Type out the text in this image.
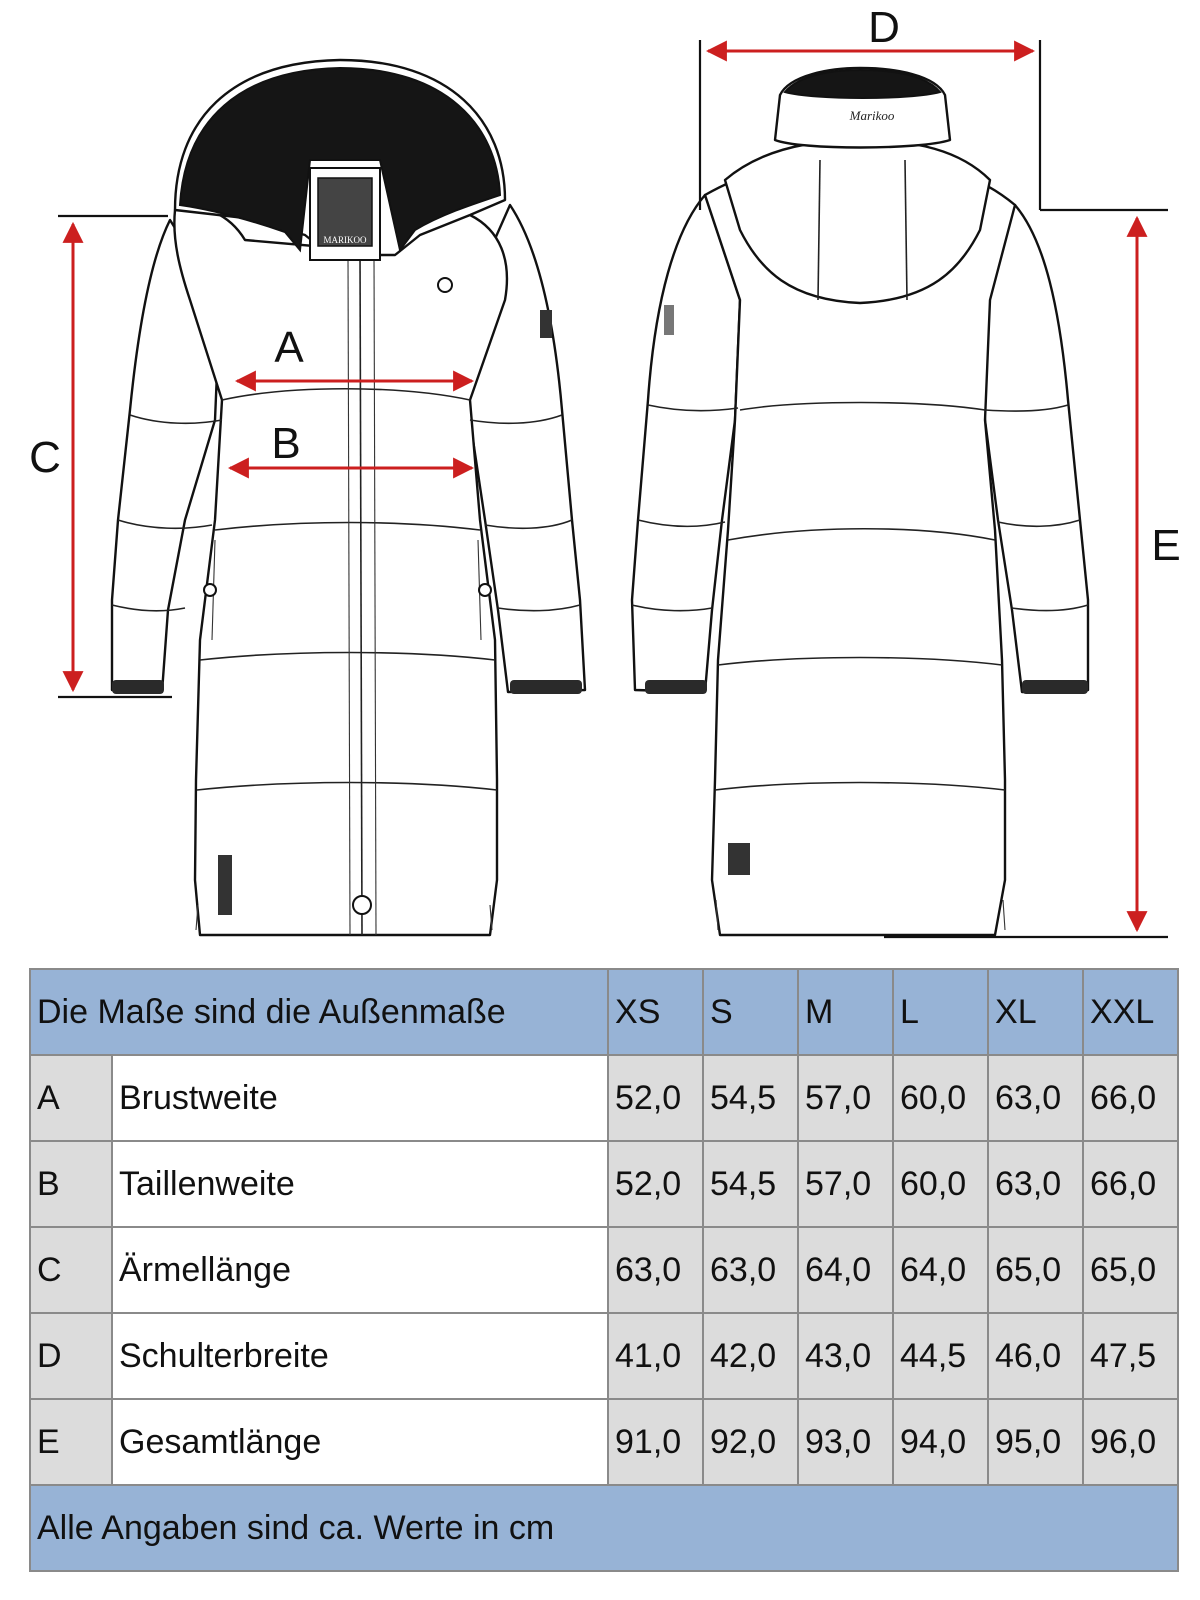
MARIKOO
Marikoo
A
B
C
D
E
Die Maße sind die Außenmaße		XS	S	M	L	XL	XXL
A	Brustweite	52,0	54,5	57,0	60,0	63,0	66,0
B	Taillenweite	52,0	54,5	57,0	60,0	63,0	66,0
C	Ärmellänge	63,0	63,0	64,0	64,0	65,0	65,0
D	Schulterbreite	41,0	42,0	43,0	44,5	46,0	47,5
E	Gesamtlänge	91,0	92,0	93,0	94,0	95,0	96,0
Alle Angaben sind ca. Werte in cm							
